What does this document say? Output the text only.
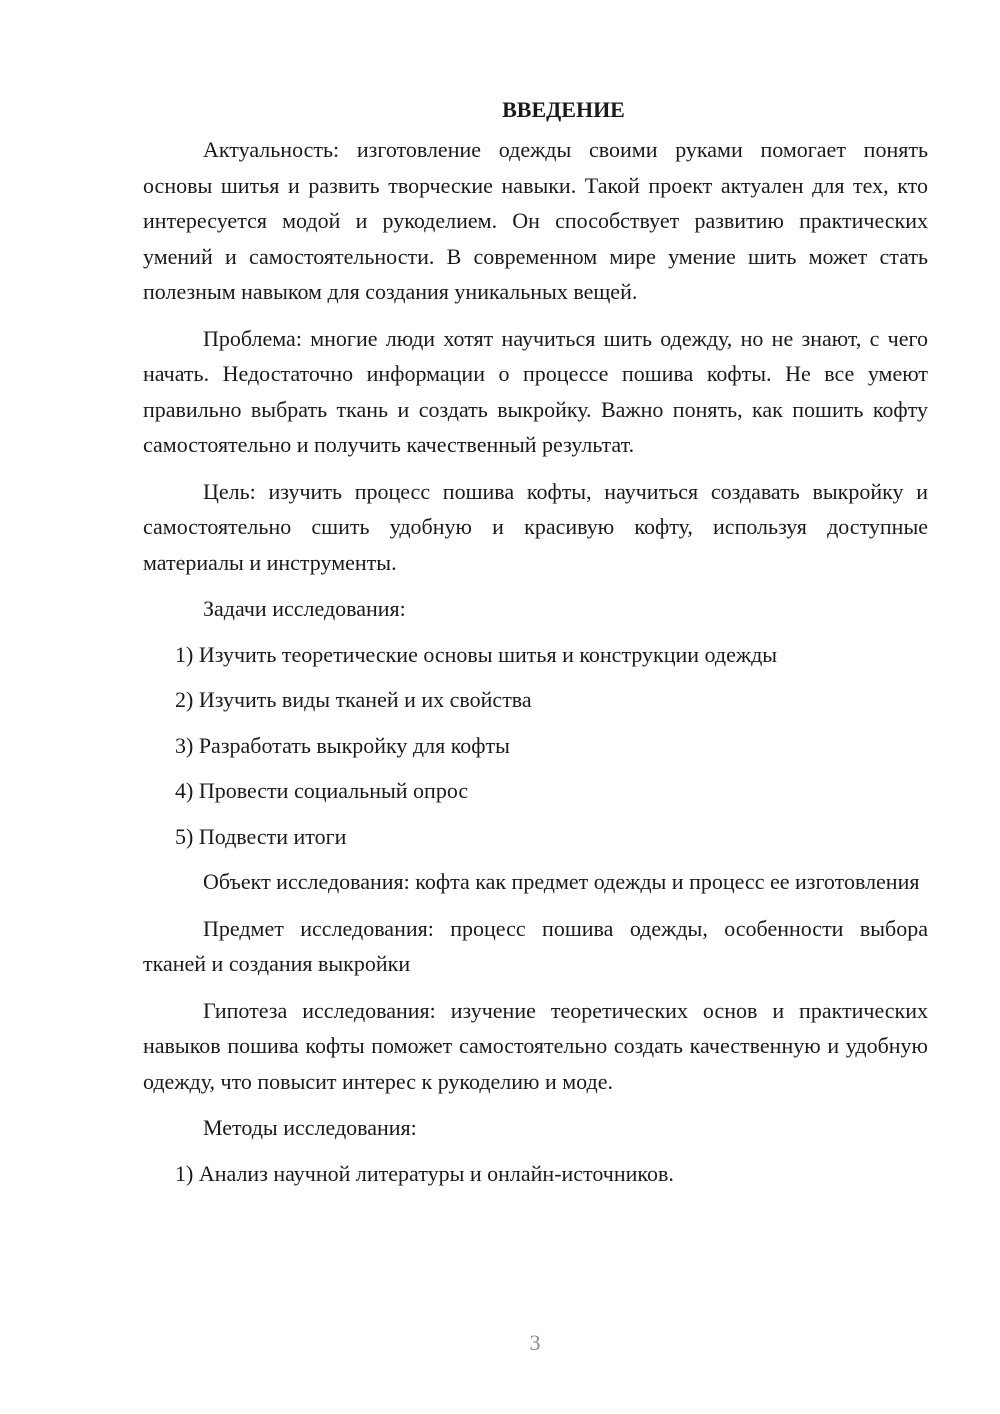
ВВЕДЕНИЕ

Актуальность: изготовление одежды своими руками помогает понять основы шитья и развить творческие навыки. Такой проект актуален для тех, кто интересуется модой и рукоделием. Он способствует развитию практических умений и самостоятельности. В современном мире умение шить может стать полезным навыком для создания уникальных вещей.

Проблема: многие люди хотят научиться шить одежду, но не знают, с чего начать. Недостаточно информации о процессе пошива кофты. Не все умеют правильно выбрать ткань и создать выкройку. Важно понять, как пошить кофту самостоятельно и получить качественный результат.

Цель: изучить процесс пошива кофты, научиться создавать выкройку и самостоятельно сшить удобную и красивую кофту, используя доступные материалы и инструменты.

Задачи исследования:

1) Изучить теоретические основы шитья и конструкции одежды
2) Изучить виды тканей и их свойства
3) Разработать выкройку для кофты
4) Провести социальный опрос
5) Подвести итоги

Объект исследования: кофта как предмет одежды и процесс ее изготовления

Предмет исследования: процесс пошива одежды, особенности выбора тканей и создания выкройки

Гипотеза исследования: изучение теоретических основ и практических навыков пошива кофты поможет самостоятельно создать качественную и удобную одежду, что повысит интерес к рукоделию и моде.

Методы исследования:

1) Анализ научной литературы и онлайн-источников.
3
